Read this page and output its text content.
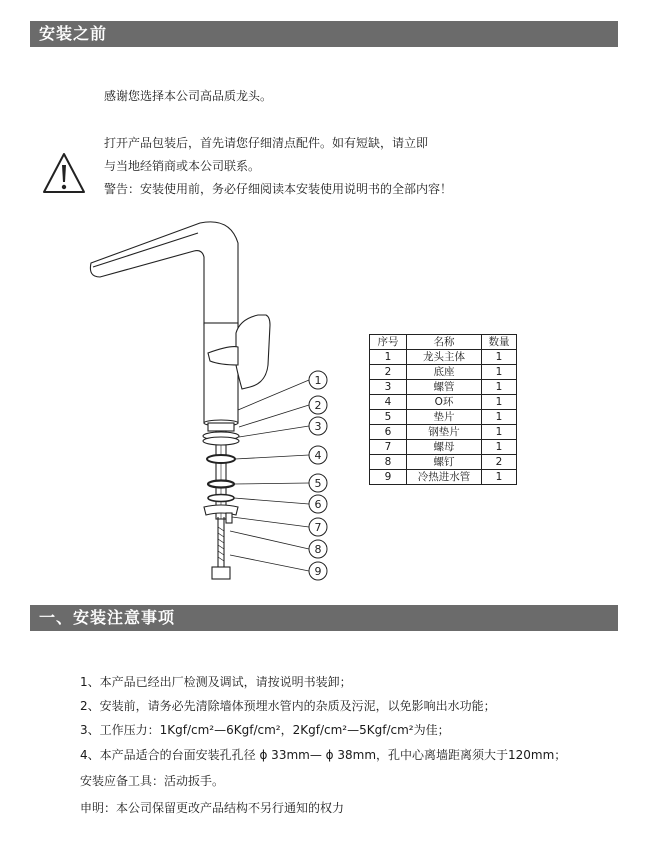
安装之前
感谢您选择本公司高品质龙头。
打开产品包装后，首先请您仔细清点配件。如有短缺，请立即
与当地经销商或本公司联系。
警告：安装使用前，务必仔细阅读本安装使用说明书的全部内容！
1
2
3
4
5
6
7
8
9
序号	名称	数量
1	龙头主体	1
2	底座	1
3	螺管	1
4	O环	1
5	垫片	1
6	钢垫片	1
7	螺母	1
8	螺钉	2
9	冷热进水管	1
一、安装注意事项
1、本产品已经出厂检测及调试，请按说明书装卸；
2、安装前，请务必先清除墙体预埋水管内的杂质及污泥，以免影响出水功能；
3、工作压力：1Kgf/cm²—6Kgf/cm²，2Kgf/cm²—5Kgf/cm²为佳；
4、本产品适合的台面安装孔孔径 ϕ 33mm— ϕ 38mm，孔中心离墙距离须大于120mm；
安装应备工具：活动扳手。
申明：本公司保留更改产品结构不另行通知的权力
